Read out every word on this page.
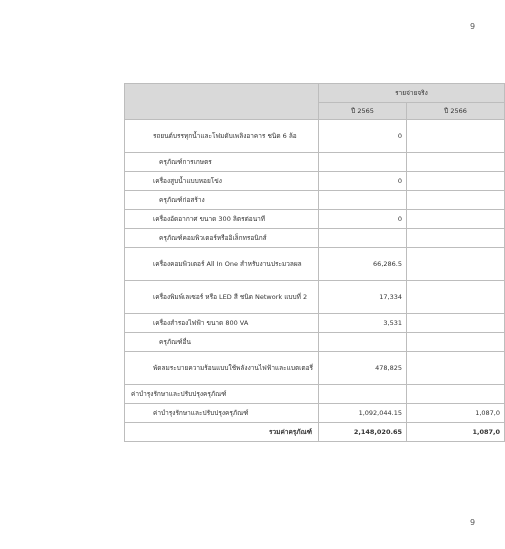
9
	รายจ่ายจริง	
	ปี 2565	ปี 2566
รถยนต์บรรทุกน้ำและโฟมดับเพลิงอาคาร ชนิด 6 ล้อ	0	
ครุภัณฑ์การเกษตร		
เครื่องสูบน้ำแบบหอยโข่ง	0	
ครุภัณฑ์ก่อสร้าง		
เครื่องอัดอากาศ ขนาด 300 ลิตรต่อนาที	0	
ครุภัณฑ์คอมพิวเตอร์หรืออิเล็กทรอนิกส์		
เครื่องคอมพิวเตอร์ All In One สำหรับงานประมวลผล	66,286.5	
เครื่องพิมพ์เลเซอร์ หรือ LED สี ชนิด Network แบบที่ 2	17,334	
เครื่องสำรองไฟฟ้า ขนาด 800 VA	3,531	
ครุภัณฑ์อื่น		
พัดลมระบายความร้อนแบบใช้พลังงานไฟฟ้าและแบตเตอรี่	478,825	
ค่าบำรุงรักษาและปรับปรุงครุภัณฑ์		
ค่าบำรุงรักษาและปรับปรุงครุภัณฑ์	1,092,044.15	1,087,0
รวมค่าครุภัณฑ์	2,148,020.65	1,087,0
9
